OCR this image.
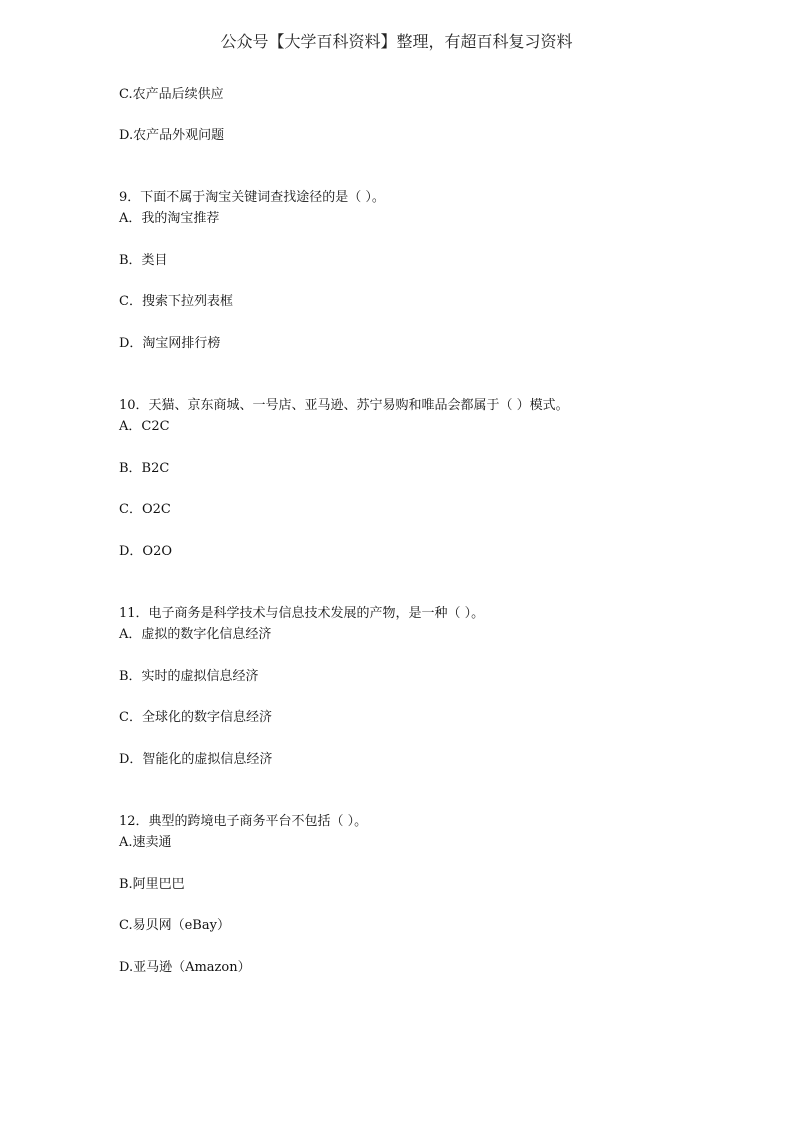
公众号【大学百科资料】整理，有超百科复习资料
C.农产品后续供应
D.农产品外观问题
9．下面不属于淘宝关键词查找途径的是（ ）。
A．我的淘宝推荐
B．类目
C．搜索下拉列表框
D．淘宝网排行榜
10．天猫、京东商城、一号店、亚马逊、苏宁易购和唯品会都属于（ ）模式。
A．C2C
B．B2C
C．O2C
D．O2O
11．电子商务是科学技术与信息技术发展的产物，是一种（ ）。
A．虚拟的数字化信息经济
B．实时的虚拟信息经济
C．全球化的数字信息经济
D．智能化的虚拟信息经济
12．典型的跨境电子商务平台不包括（ ）。
A.速卖通
B.阿里巴巴
C.易贝网（eBay）
D.亚马逊（Amazon）
